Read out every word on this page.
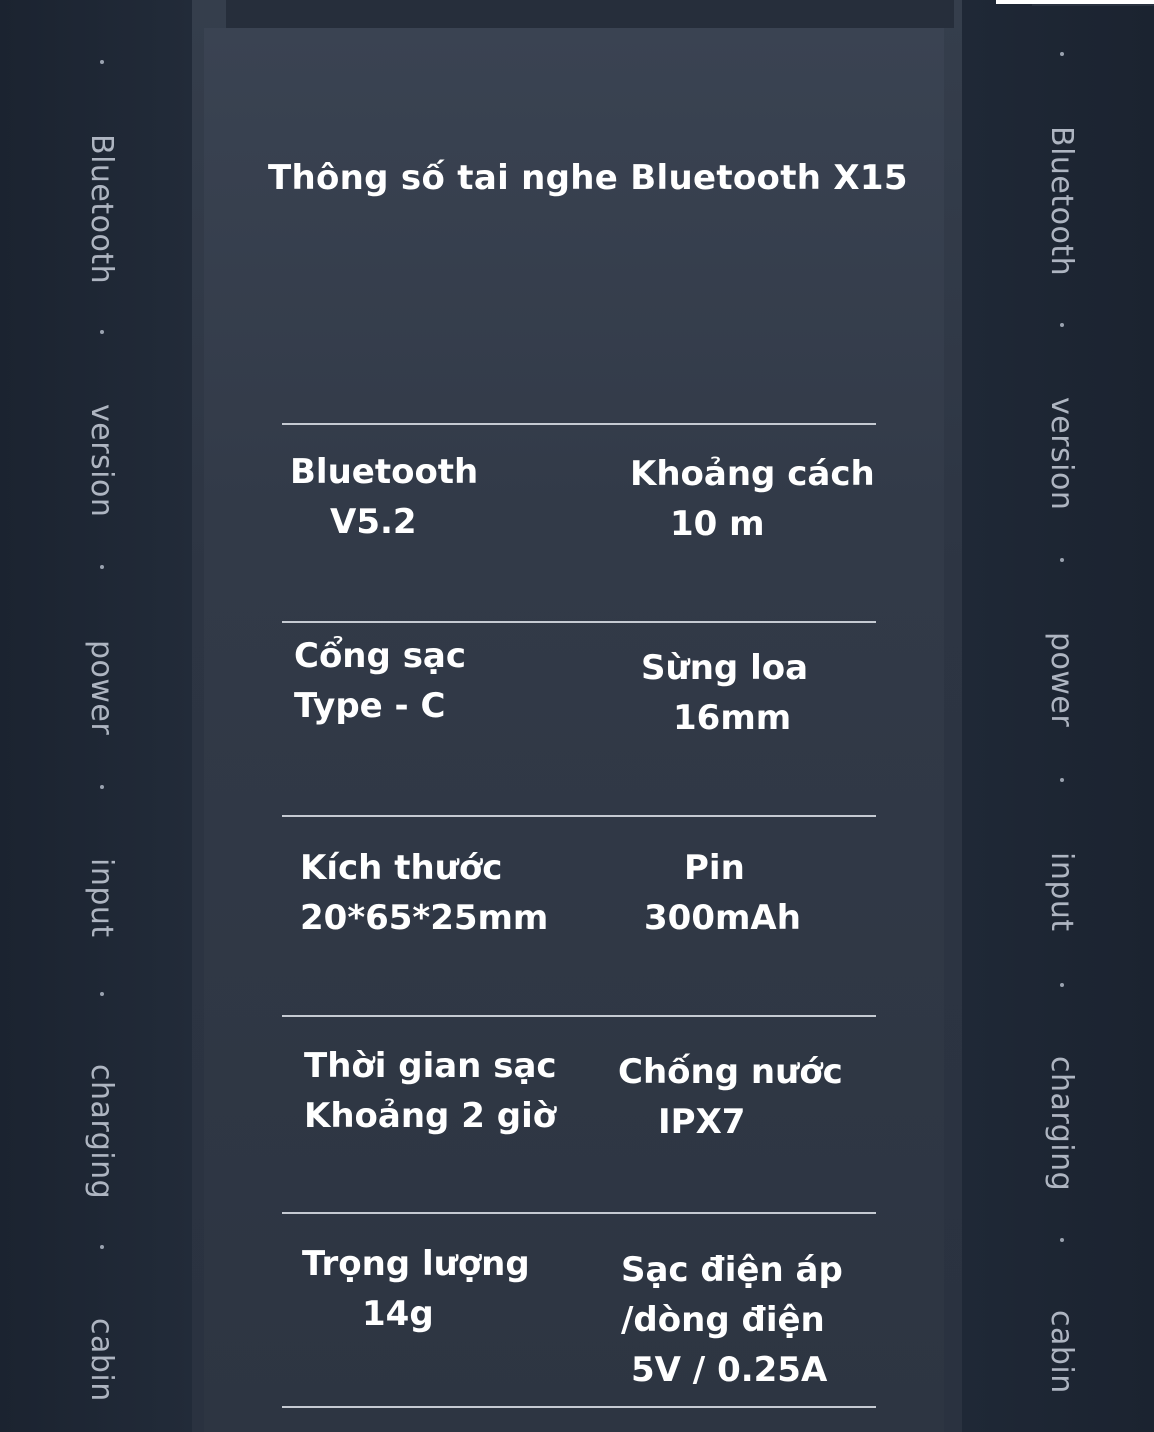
Bluetooth
version
power
input
charging
cabin
Bluetooth
version
power
input
charging
cabin
Thông số tai nghe Bluetooth X15
Bluetooth
V5.2
Khoảng cách
10 m
Cổng sạc
Type - C
Sừng loa
16mm
Kích thước
20*65*25mm
Pin
300mAh
Thời gian sạc
Khoảng 2 giờ
Chống nước
IPX7
Trọng lượng
14g
Sạc điện áp
/dòng điện
5V / 0.25A
